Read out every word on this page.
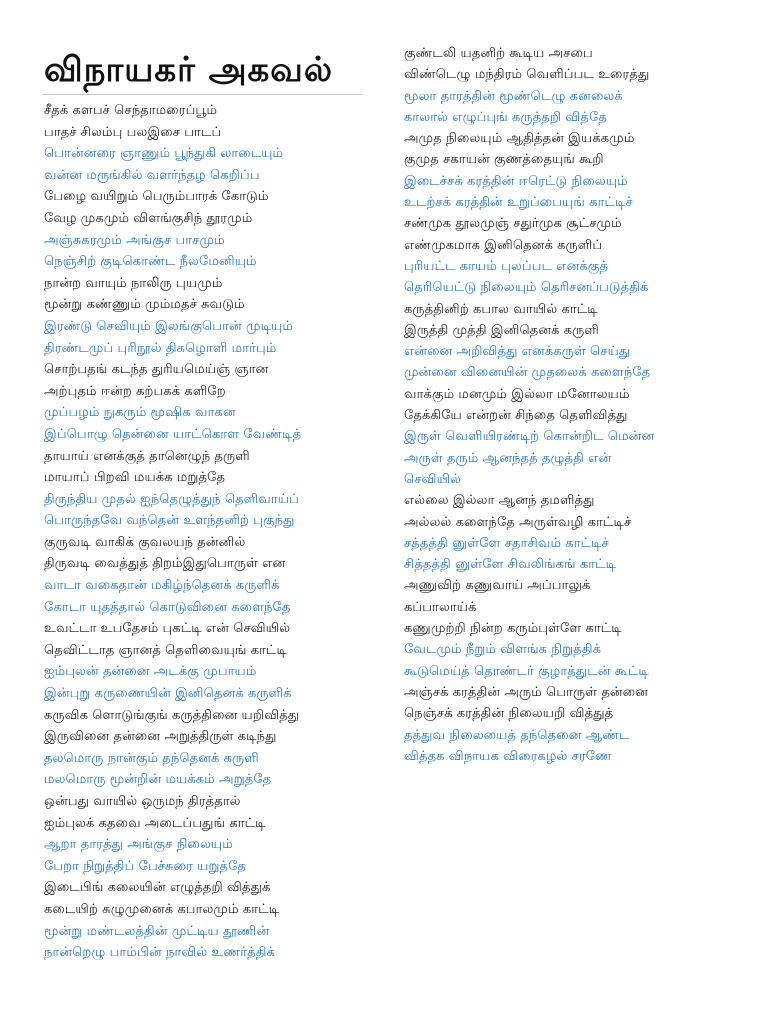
விநாயகர் அகவல்
சீதக் களபச் செந்தாமரைப்பூம்
பாதச் சிலம்பு பலஇசை பாடப்
பொன்னரை ஞாணும் பூந்துகி லாடையும்
வன்ன மருங்கில் வளர்ந்தழ கெறிப்ப
பேழை வயிறும் பெரும்பாரக் கோடும்
வேழ முகமும் விளங்குசிந் தூரமும்
அஞ்சுகரமும் அங்குச பாசமும்
நெஞ்சிற் குடிகொண்ட நீலமேனியும்
நான்ற வாயும் நாலிரு புயமும்
மூன்று கண்ணும் மும்மதச் சுவடும்
இரண்டு செவியும் இலங்குபொன் முடியும்
திரண்டமுப் புரிநூல் திகழொளி மார்பும்
சொற்பதங் கடந்த துரியமெய்ஞ் ஞான
அற்புதம் ஈன்ற கற்பகக் களிறே
முப்பழம் நுகரும் மூஷிக வாகன
இப்பொழு தென்னை யாட்கொள வேண்டித்
தாயாய் எனக்குத் தானெழுந் தருளி
மாயாப் பிறவி மயக்க மறுத்தே
திருந்திய முதல் ஐந்தெழுத்துந் தெளிவாய்ப்
பொருந்தவே வந்தென் உளந்தனிற் புகுந்து
குருவடி வாகிக் குவலயந் தன்னில்
திருவடி வைத்துத் திறம்இதுபொருள் என
வாடா வகைதான் மகிழ்ந்தெனக் கருளிக்
கோடா யுதத்தால் கொடுவினை களைந்தே
உவட்டா உபதேசம் புகட்டி என் செவியில்
தெவிட்டாத ஞானத் தெளிவையுங் காட்டி
ஐம்புலன் தன்னை அடக்கு முபாயம்
இன்புறு கருணையின் இனிதெனக் கருளிக்
கருவிக ளொடுங்குங் கருத்தினை யறிவித்து
இருவினை தன்னை அறுத்திருள் கடிந்து
தலமொரு நான்கும் தந்தெனக் கருளி
மலமொரு மூன்றின் மயக்கம் அறுத்தே
ஒன்பது வாயில் ஒருமந் திரத்தால்
ஐம்புலக் கதவை அடைப்பதுங் காட்டி
ஆறா தாரத்து அங்குச நிலையும்
பேறா நிறுத்திப் பேச்சுரை யறுத்தே
இடைபிங் கலையின் எழுத்தறி வித்துக்
கடையிற் சுழுமுனைக் கபாலமும் காட்டி
மூன்று மண்டலத்தின் முட்டிய தூணின்
நான்றெழு பாம்பின் நாவில் உணர்த்திக்
குண்டலி யதனிற் கூடிய அசபை
விண்டெழு மந்திரம் வெளிப்பட உரைத்து
மூலா தாரத்தின் மூண்டெழு கனலைக்
காலால் எழுப்புங் கருத்தறி வித்தே
அமுத நிலையும் ஆதித்தன் இயக்கமும்
குமுத சகாயன் குணத்தையுங் கூறி
இடைச்சக் கரத்தின் ஈரெட்டு நிலையும்
உடற்சக் கரத்தின் உறுப்பையுங் காட்டிச்
சண்முக தூலமுஞ் சதுர்முக சூட்சமும்
எண்முகமாக இனிதெனக் கருளிப்
புரியட்ட காயம் புலப்பட எனக்குத்
தெரியெட்டு நிலையும் தெரிசனப்படுத்திக்
கருத்தினிற் கபால வாயில் காட்டி
இருத்தி முத்தி இனிதெனக் கருளி
என்னை அறிவித்து எனக்கருள் செய்து
முன்னை வினையின் முதலைக் களைந்தே
வாக்கும் மனமும் இல்லா மனோலயம்
தேக்கியே என்றன் சிந்தை தெளிவித்து
இருள் வெளியிரண்டிற் கொன்றிட மென்ன
அருள் தரும் ஆனந்தத் தழுத்தி என்
செவியில்
எல்லை இல்லா ஆனந் தமளித்து
அல்லல் களைந்தே அருள்வழி காட்டிச்
சத்தத்தி னுள்ளே சதாசிவம் காட்டிச்
சித்தத்தி னுள்ளே சிவலிங்கங் காட்டி
அணுவிற் கணுவாய் அப்பாலுக்
கப்பாலாய்க்
கணுமுற்றி நின்ற கரும்புள்ளே காட்டி
வேடமும் நீறும் விளங்க நிறுத்திக்
கூடுமெய்த் தொண்டர் குழாத்துடன் கூட்டி
அஞ்சக் கரத்தின் அரும் பொருள் தன்னை
நெஞ்சக் கரத்தின் நிலையறி வித்துத்
தத்துவ நிலையைத் தந்தெனை ஆண்ட
வித்தக விநாயக விரைகழல் சரணே
